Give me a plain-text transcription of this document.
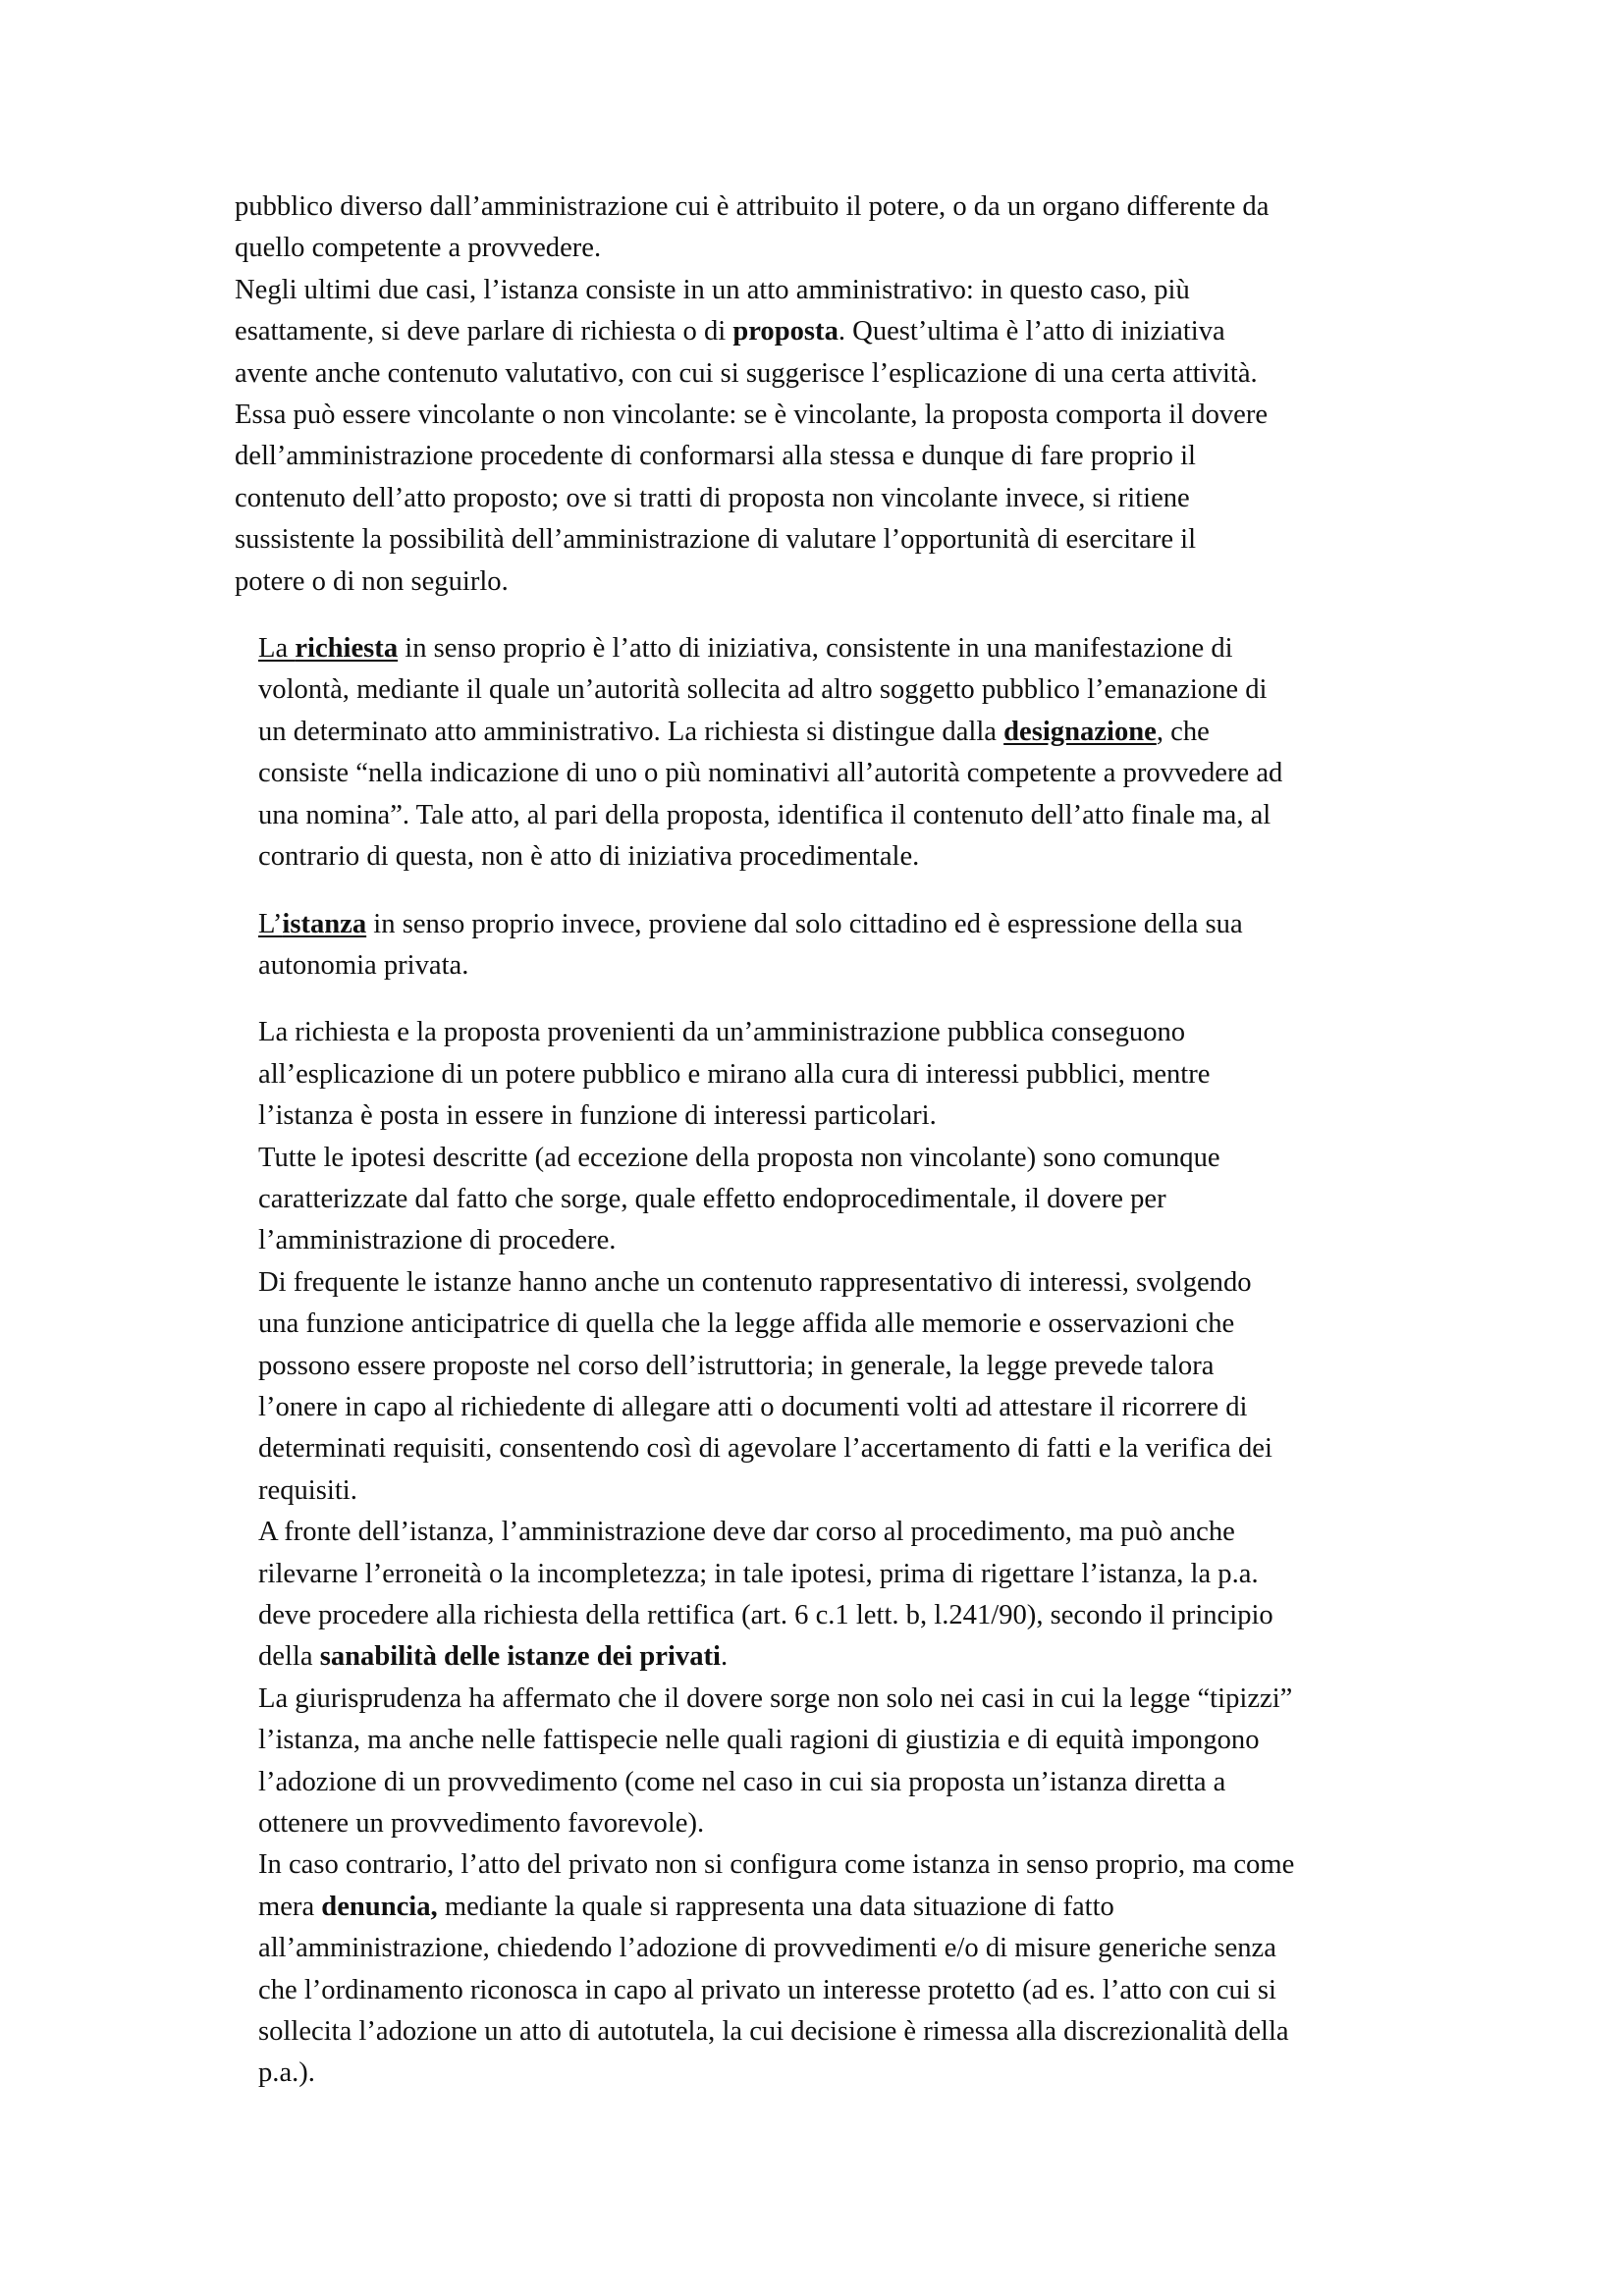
pubblico diverso dall’amministrazione cui è attribuito il potere, o da un organo differente da
quello competente a provvedere.
Negli ultimi due casi, l’istanza consiste in un atto amministrativo: in questo caso, più
esattamente, si deve parlare di richiesta o di proposta. Quest’ultima è l’atto di iniziativa
avente anche contenuto valutativo, con cui si suggerisce l’esplicazione di una certa attività.
Essa può essere vincolante o non vincolante: se è vincolante, la proposta comporta il dovere
dell’amministrazione procedente di conformarsi alla stessa e dunque di fare proprio il
contenuto dell’atto proposto; ove si tratti di proposta non vincolante invece, si ritiene
sussistente la possibilità dell’amministrazione di valutare l’opportunità di esercitare il
potere o di non seguirlo.
La richiesta in senso proprio è l’atto di iniziativa, consistente in una manifestazione di
volontà, mediante il quale un’autorità sollecita ad altro soggetto pubblico l’emanazione di
un determinato atto amministrativo. La richiesta si distingue dalla designazione, che
consiste “nella indicazione di uno o più nominativi all’autorità competente a provvedere ad
una nomina”. Tale atto, al pari della proposta, identifica il contenuto dell’atto finale ma, al
contrario di questa, non è atto di iniziativa procedimentale.
L’istanza in senso proprio invece, proviene dal solo cittadino ed è espressione della sua
autonomia privata.
La richiesta e la proposta provenienti da un’amministrazione pubblica conseguono
all’esplicazione di un potere pubblico e mirano alla cura di interessi pubblici, mentre
l’istanza è posta in essere in funzione di interessi particolari.
Tutte le ipotesi descritte (ad eccezione della proposta non vincolante) sono comunque
caratterizzate dal fatto che sorge, quale effetto endoprocedimentale, il dovere per
l’amministrazione di procedere.
Di frequente le istanze hanno anche un contenuto rappresentativo di interessi, svolgendo
una funzione anticipatrice di quella che la legge affida alle memorie e osservazioni che
possono essere proposte nel corso dell’istruttoria; in generale, la legge prevede talora
l’onere in capo al richiedente di allegare atti o documenti volti ad attestare il ricorrere di
determinati requisiti, consentendo così di agevolare l’accertamento di fatti e la verifica dei
requisiti.
A fronte dell’istanza, l’amministrazione deve dar corso al procedimento, ma può anche
rilevarne l’erroneità o la incompletezza; in tale ipotesi, prima di rigettare l’istanza, la p.a.
deve procedere alla richiesta della rettifica (art. 6 c.1 lett. b, l.241/90), secondo il principio
della sanabilità delle istanze dei privati.
La giurisprudenza ha affermato che il dovere sorge non solo nei casi in cui la legge “tipizzi”
l’istanza, ma anche nelle fattispecie nelle quali ragioni di giustizia e di equità impongono
l’adozione di un provvedimento (come nel caso in cui sia proposta un’istanza diretta a
ottenere un provvedimento favorevole).
In caso contrario, l’atto del privato non si configura come istanza in senso proprio, ma come
mera denuncia, mediante la quale si rappresenta una data situazione di fatto
all’amministrazione, chiedendo l’adozione di provvedimenti e/o di misure generiche senza
che l’ordinamento riconosca in capo al privato un interesse protetto (ad es. l’atto con cui si
sollecita l’adozione un atto di autotutela, la cui decisione è rimessa alla discrezionalità della
p.a.).
